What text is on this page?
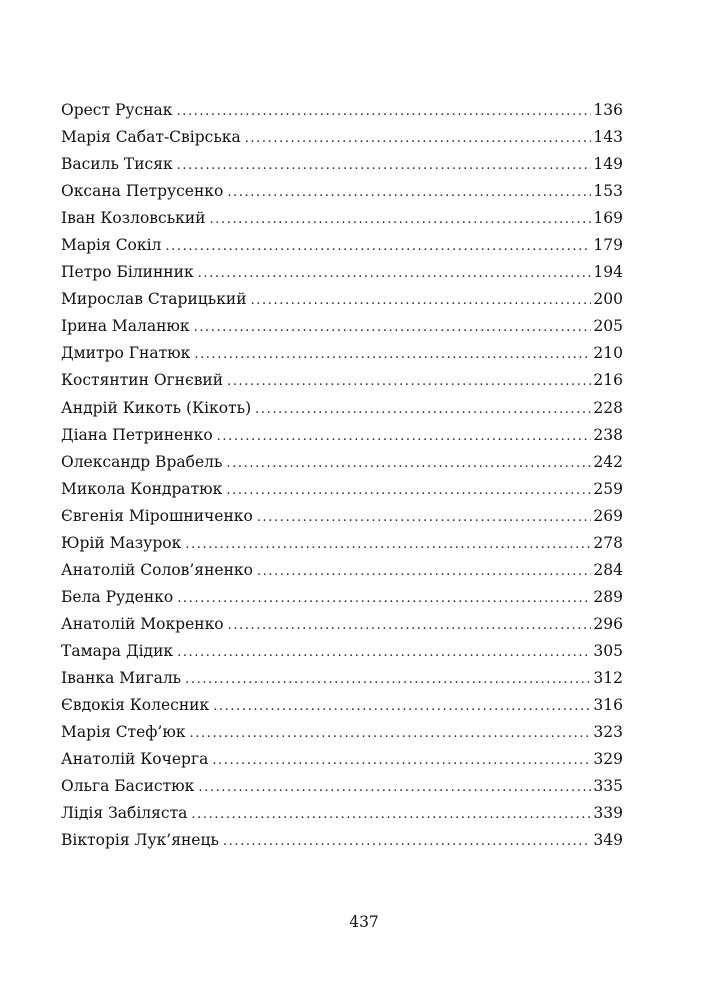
Орест Руснак .....	136
Марія Сабат-Свірська .....	143
Василь Тисяк .....	149
Оксана Петрусенко .....	153
Іван Козловський .....	169
Марія Сокіл .....	179
Петро Білинник .....	194
Мирослав Старицький .....	200
Ірина Маланюк .....	205
Дмитро Гнатюк .....	210
Костянтин Огнєвий .....	216
Андрій Кикоть (Кікоть) .....	228
Діана Петриненко .....	238
Олександр Врабель .....	242
Микола Кондратюк .....	259
Євгенія Мірошниченко .....	269
Юрій Мазурок .....	278
Анатолій Солов’яненко .....	284
Бела Руденко .....	289
Анатолій Мокренко .....	296
Тамара Дідик .....	305
Іванка Мигаль .....	312
Євдокія Колесник .....	316
Марія Стеф’юк .....	323
Анатолій Кочерга .....	329
Ольга Басистюк .....	335
Лідія Забіляста .....	339
Вікторія Лук’янець .....	349
437
